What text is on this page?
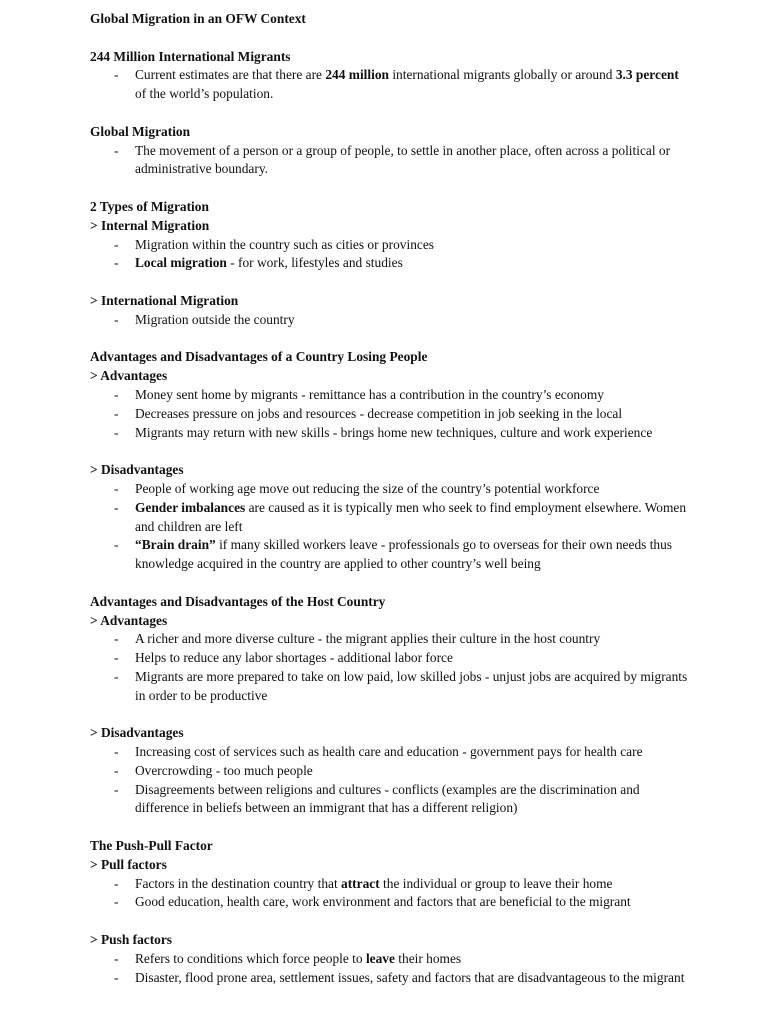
Global Migration in an OFW Context

244 Million International Migrants

- Current estimates are that there are 244 million international migrants globally or around 3.3 percent of the world’s population.

Global Migration

- The movement of a person or a group of people, to settle in another place, often across a political or administrative boundary.

2 Types of Migration

> Internal Migration

- Migration within the country such as cities or provinces
- Local migration - for work, lifestyles and studies

> International Migration

- Migration outside the country

Advantages and Disadvantages of a Country Losing People

> Advantages

- Money sent home by migrants - remittance has a contribution in the country’s economy
- Decreases pressure on jobs and resources - decrease competition in job seeking in the local
- Migrants may return with new skills - brings home new techniques, culture and work experience

> Disadvantages

- People of working age move out reducing the size of the country’s potential workforce
- Gender imbalances are caused as it is typically men who seek to find employment elsewhere. Women and children are left
- “Brain drain” if many skilled workers leave - professionals go to overseas for their own needs thus knowledge acquired in the country are applied to other country’s well being

Advantages and Disadvantages of the Host Country

> Advantages

- A richer and more diverse culture - the migrant applies their culture in the host country
- Helps to reduce any labor shortages - additional labor force
- Migrants are more prepared to take on low paid, low skilled jobs - unjust jobs are acquired by migrants in order to be productive

> Disadvantages

- Increasing cost of services such as health care and education - government pays for health care
- Overcrowding - too much people
- Disagreements between religions and cultures - conflicts (examples are the discrimination and difference in beliefs between an immigrant that has a different religion)

The Push-Pull Factor

> Pull factors

- Factors in the destination country that attract the individual or group to leave their home
- Good education, health care, work environment and factors that are beneficial to the migrant

> Push factors

- Refers to conditions which force people to leave their homes
- Disaster, flood prone area, settlement issues, safety and factors that are disadvantageous to the migrant
